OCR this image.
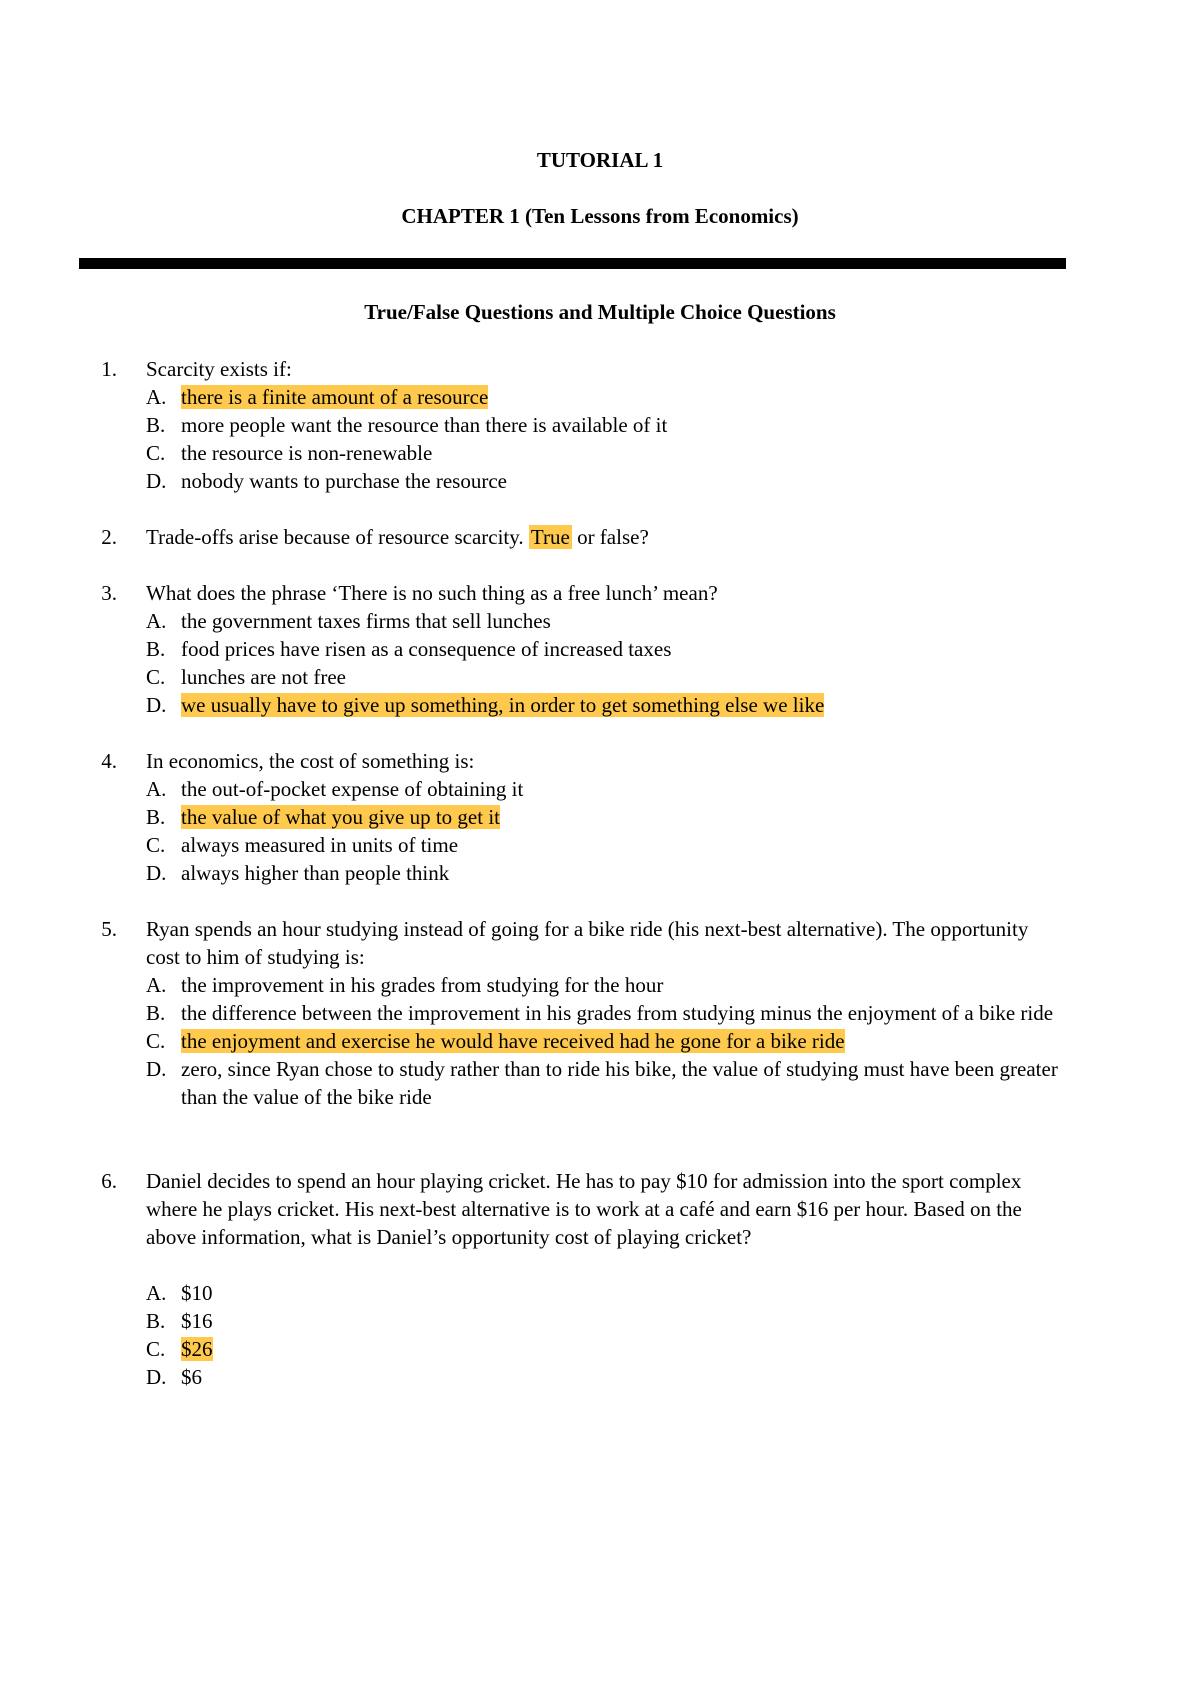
TUTORIAL 1
CHAPTER 1 (Ten Lessons from Economics)
True/False Questions and Multiple Choice Questions
1. Scarcity exists if:
A. there is a finite amount of a resource
B. more people want the resource than there is available of it
C. the resource is non-renewable
D. nobody wants to purchase the resource
2. Trade-offs arise because of resource scarcity. True or false?
3. What does the phrase ‘There is no such thing as a free lunch’ mean?
A. the government taxes firms that sell lunches
B. food prices have risen as a consequence of increased taxes
C. lunches are not free
D. we usually have to give up something, in order to get something else we like
4. In economics, the cost of something is:
A. the out-of-pocket expense of obtaining it
B. the value of what you give up to get it
C. always measured in units of time
D. always higher than people think
5. Ryan spends an hour studying instead of going for a bike ride (his next-best alternative). The opportunity cost to him of studying is:
A. the improvement in his grades from studying for the hour
B. the difference between the improvement in his grades from studying minus the enjoyment of a bike ride
C. the enjoyment and exercise he would have received had he gone for a bike ride
D. zero, since Ryan chose to study rather than to ride his bike, the value of studying must have been greater than the value of the bike ride
6. Daniel decides to spend an hour playing cricket. He has to pay $10 for admission into the sport complex where he plays cricket. His next-best alternative is to work at a café and earn $16 per hour. Based on the above information, what is Daniel’s opportunity cost of playing cricket?
A. $10
B. $16
C. $26
D. $6
